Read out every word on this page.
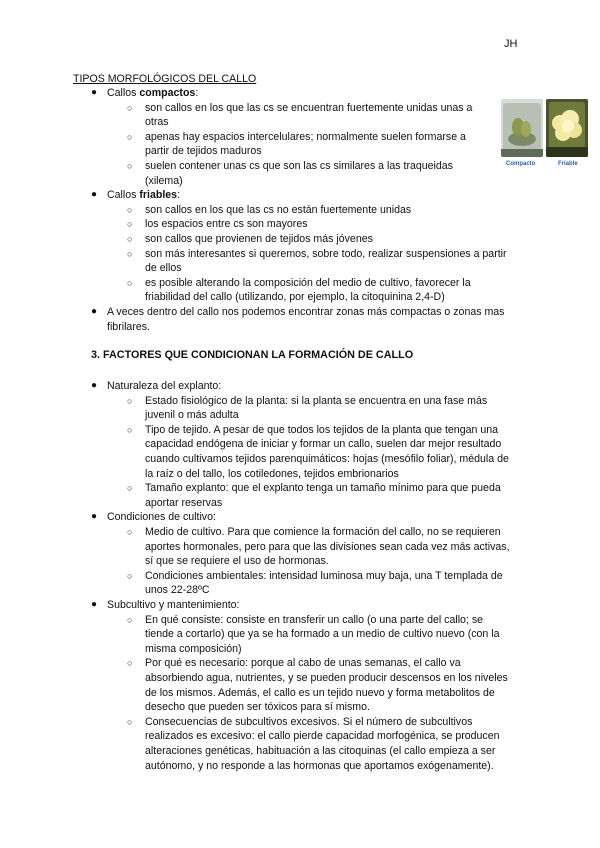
JH
TIPOS MORFOLÓGICOS DEL CALLO
Compacto	Friable
● Callos compactos:
○ son callos en los que las cs se encuentran fuertemente unidas unas a
otras
○ apenas hay espacios intercelulares; normalmente suelen formarse a
partir de tejidos maduros
○ suelen contener unas cs que son las cs similares a las traqueidas
(xilema)
● Callos friables:
○ son callos en los que las cs no están fuertemente unidas
○ los espacios entre cs son mayores
○ son callos que provienen de tejidos más jóvenes
○ son más interesantes si queremos, sobre todo, realizar suspensiones a partir
de ellos
○ es posible alterando la composición del medio de cultivo, favorecer la
friabilidad del callo (utilizando, por ejemplo, la citoquinina 2,4-D)
● A veces dentro del callo nos podemos encontrar zonas más compactas o zonas mas
fibrilares.
3. FACTORES QUE CONDICIONAN LA FORMACIÓN DE CALLO
● Naturaleza del explanto:
○ Estado fisiológico de la planta: si la planta se encuentra en una fase más
juvenil o más adulta
○ Tipo de tejido. A pesar de que todos los tejidos de la planta que tengan una
capacidad endógena de iniciar y formar un callo, suelen dar mejor resultado
cuando cultivamos tejidos parenquimáticos: hojas (mesófilo foliar), médula de
la raíz o del tallo, los cotiledones, tejidos embrionarios
○ Tamaño explanto: que el explanto tenga un tamaño mínimo para que pueda
aportar reservas
● Condiciones de cultivo:
○ Medio de cultivo. Para que comience la formación del callo, no se requieren
aportes hormonales, pero para que las divisiones sean cada vez más activas,
sí que se requiere el uso de hormonas.
○ Condiciones ambientales: intensidad luminosa muy baja, una T templada de
unos 22-28ºC
● Subcultivo y mantenimiento:
○ En qué consiste: consiste en transferir un callo (o una parte del callo; se
tiende a cortarlo) que ya se ha formado a un medio de cultivo nuevo (con la
misma composición)
○ Por qué es necesario: porque al cabo de unas semanas, el callo va
absorbiendo agua, nutrientes, y se pueden producir descensos en los niveles
de los mismos. Además, el callo es un tejido nuevo y forma metabolitos de
desecho que pueden ser tóxicos para sí mismo.
○ Consecuencias de subcultivos excesivos. Si el número de subcultivos
realizados es excesivo: el callo pierde capacidad morfogénica, se producen
alteraciones genéticas, habituación a las citoquinas (el callo empieza a ser
autónomo, y no responde a las hormonas que aportamos exógenamente).
